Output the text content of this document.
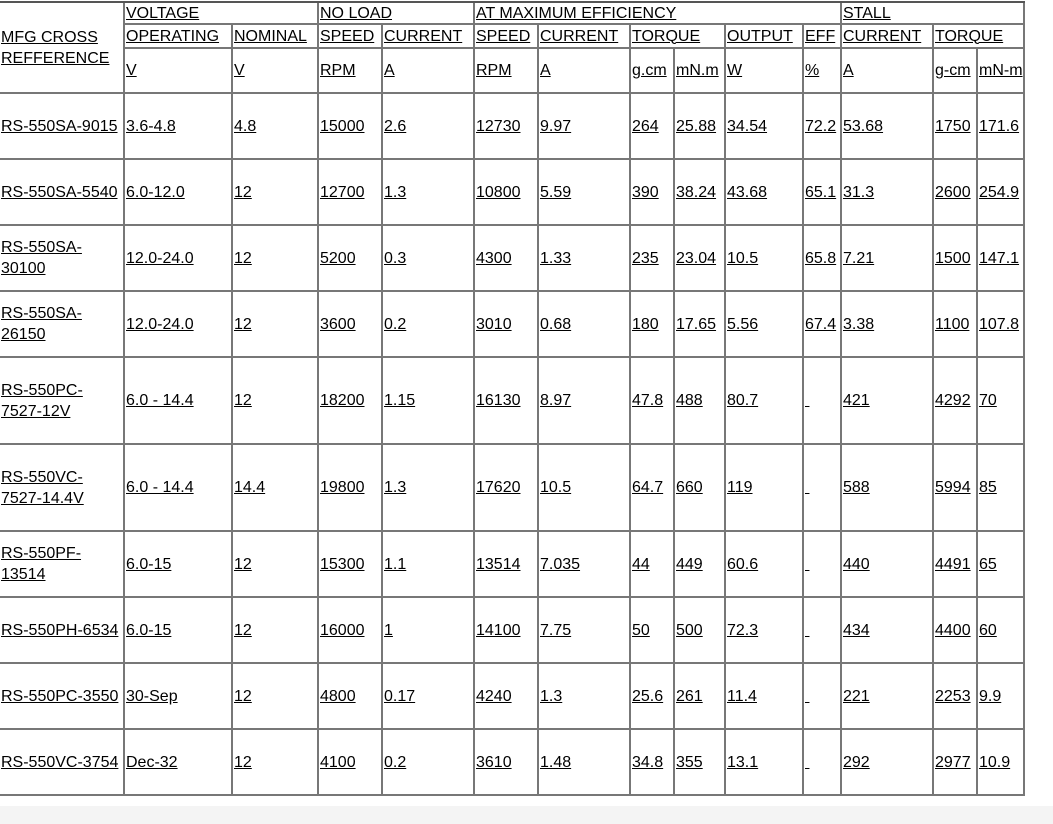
MFG CROSS REFFERENCE	VOLTAGE		NO LOAD		AT MAXIMUM EFFICIENCY						STALL		
	OPERATING	NOMINAL	SPEED	CURRENT	SPEED	CURRENT	TORQUE		OUTPUT	EFF	CURRENT	TORQUE	
	V	V	RPM	A	RPM	A	g.cm	mN.m	W	%	A	g-cm	mN-m
RS-550SA-9015	3.6-4.8	4.8	15000	2.6	12730	9.97	264	25.88	34.54	72.2	53.68	1750	171.6
RS-550SA-5540	6.0-12.0	12	12700	1.3	10800	5.59	390	38.24	43.68	65.1	31.3	2600	254.9
RS-550SA-30100	12.0-24.0	12	5200	0.3	4300	1.33	235	23.04	10.5	65.8	7.21	1500	147.1
RS-550SA-26150	12.0-24.0	12	3600	0.2	3010	0.68	180	17.65	5.56	67.4	3.38	1100	107.8
RS-550PC-7527-12V	6.0 - 14.4	12	18200	1.15	16130	8.97	47.8	488	80.7		421	4292	70
RS-550VC-7527-14.4V	6.0 - 14.4	14.4	19800	1.3	17620	10.5	64.7	660	119		588	5994	85
RS-550PF-13514	6.0-15	12	15300	1.1	13514	7.035	44	449	60.6		440	4491	65
RS-550PH-6534	6.0-15	12	16000	1	14100	7.75	50	500	72.3		434	4400	60
RS-550PC-3550	30-Sep	12	4800	0.17	4240	1.3	25.6	261	11.4		221	2253	9.9
RS-550VC-3754	Dec-32	12	4100	0.2	3610	1.48	34.8	355	13.1		292	2977	10.9
